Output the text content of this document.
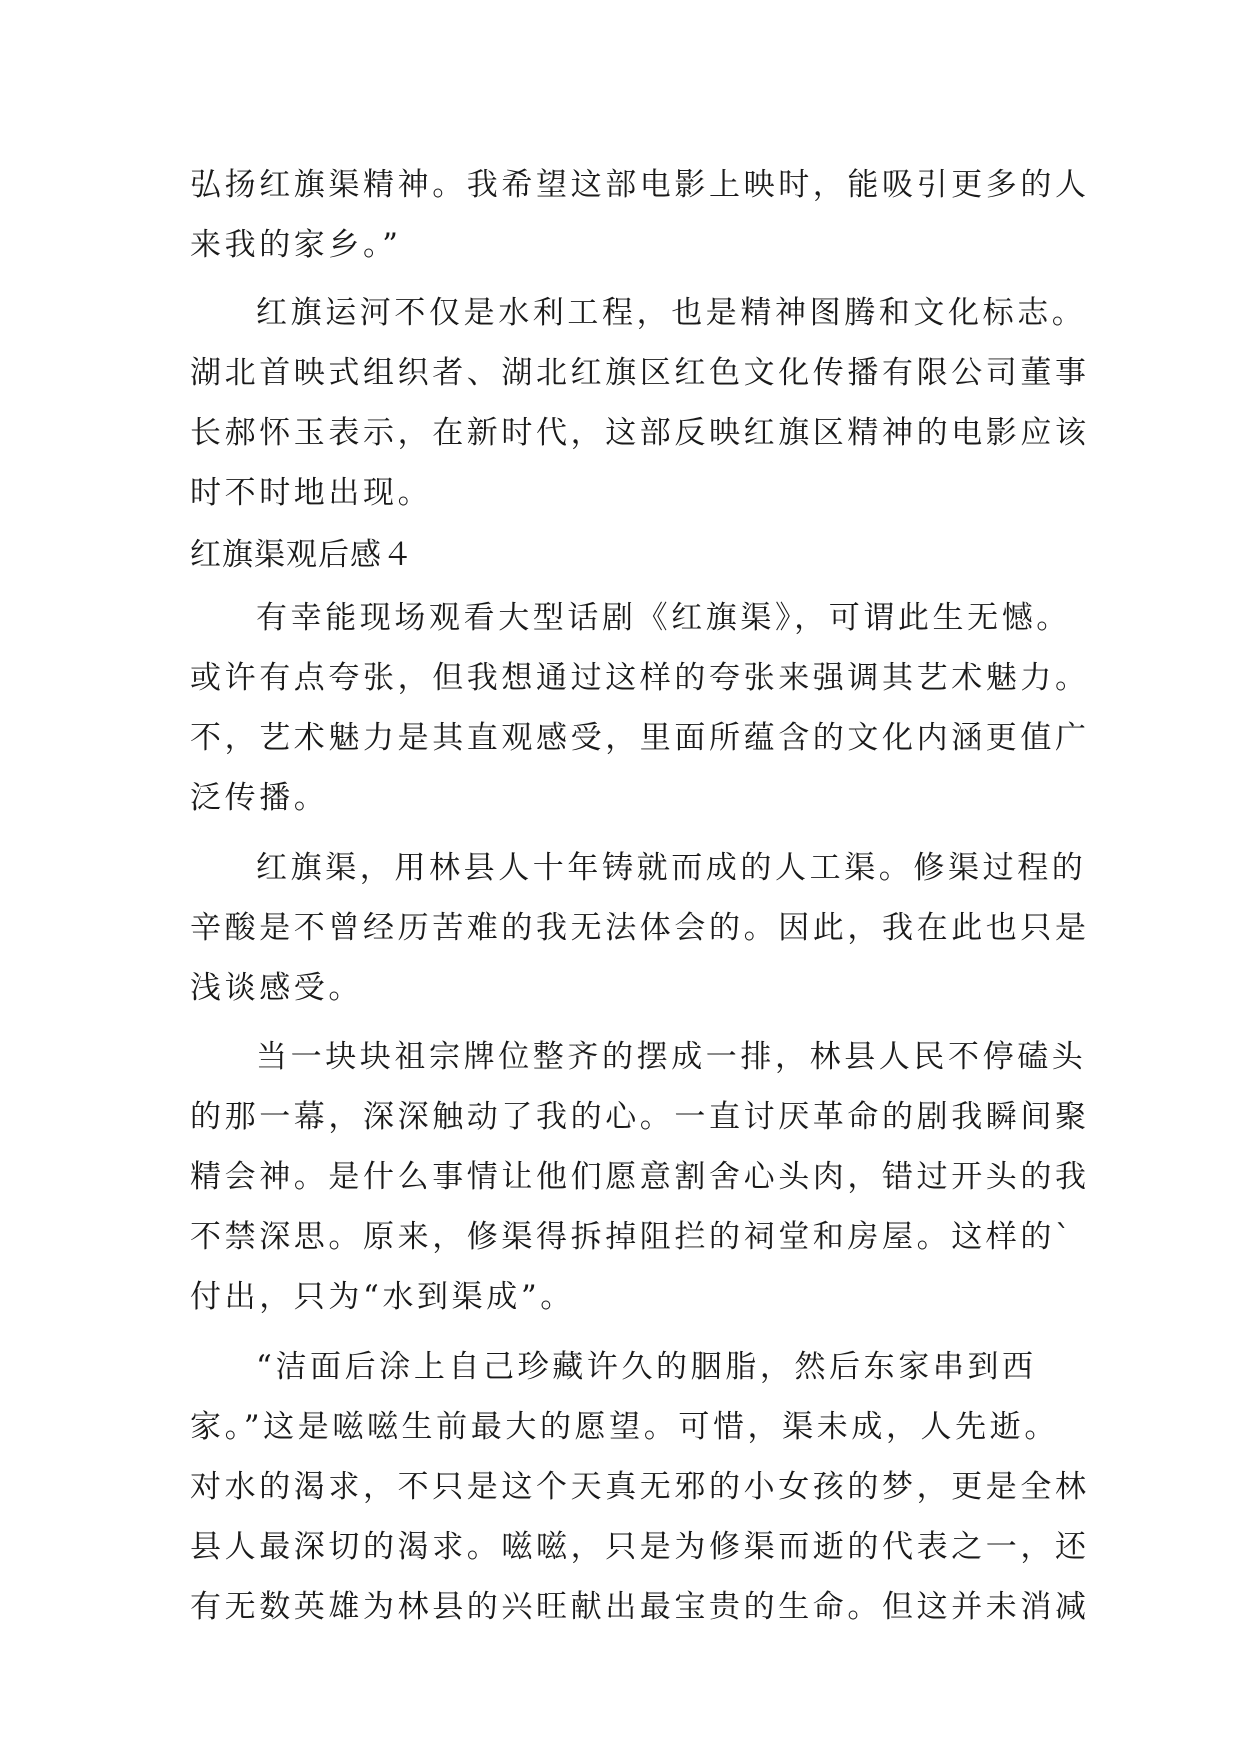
弘扬红旗渠精神。我希望这部电影上映时，能吸引更多的人
来我的家乡。”
红旗运河不仅是水利工程，也是精神图腾和文化标志。
湖北首映式组织者、湖北红旗区红色文化传播有限公司董事
长郝怀玉表示，在新时代，这部反映红旗区精神的电影应该
时不时地出现。
红旗渠观后感４
有幸能现场观看大型话剧《红旗渠》，可谓此生无憾。
或许有点夸张，但我想通过这样的夸张来强调其艺术魅力。
不，艺术魅力是其直观感受，里面所蕴含的文化内涵更值广
泛传播。
红旗渠，用林县人十年铸就而成的人工渠。修渠过程的
辛酸是不曾经历苦难的我无法体会的。因此，我在此也只是
浅谈感受。
当一块块祖宗牌位整齐的摆成一排，林县人民不停磕头
的那一幕，深深触动了我的心。一直讨厌革命的剧我瞬间聚
精会神。是什么事情让他们愿意割舍心头肉，错过开头的我
不禁深思。原来，修渠得拆掉阻拦的祠堂和房屋。这样的`
付出，只为“水到渠成”。
“洁面后涂上自己珍藏许久的胭脂，然后东家串到西
家。”这是嗞嗞生前最大的愿望。可惜，渠未成，人先逝。
对水的渴求，不只是这个天真无邪的小女孩的梦，更是全林
县人最深切的渴求。嗞嗞，只是为修渠而逝的代表之一，还
有无数英雄为林县的兴旺献出最宝贵的生命。但这并未消减
